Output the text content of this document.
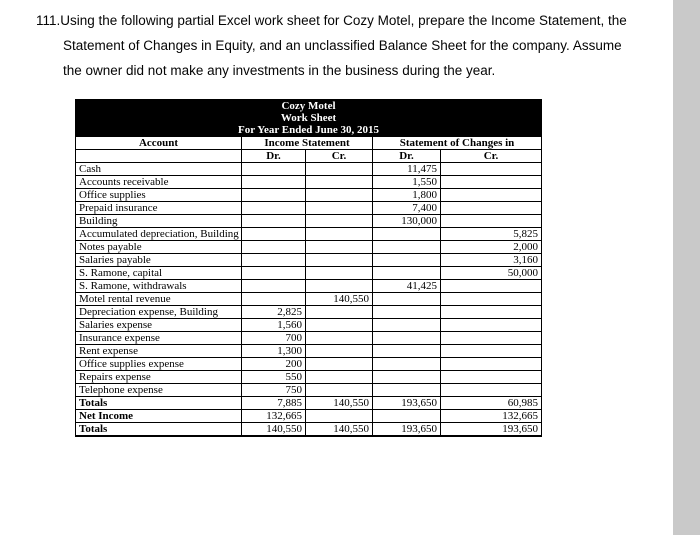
111.Using the following partial Excel work sheet for Cozy Motel, prepare the Income Statement, the
Statement of Changes in Equity, and an unclassified Balance Sheet for the company. Assume
the owner did not make any investments in the business during the year.
Cozy Motel
Work Sheet
For Year Ended June 30, 2015				

Account	Income Statement		Statement of Changes in	
	Dr.	Cr.	Dr.	Cr.
Cash			11,475	
Accounts receivable			1,550	
Office supplies			1,800	
Prepaid insurance			7,400	
Building			130,000	
Accumulated depreciation, Building				5,825
Notes payable				2,000
Salaries payable				3,160
S. Ramone, capital				50,000
S. Ramone, withdrawals			41,425	
Motel rental revenue		140,550		
Depreciation expense, Building	2,825			
Salaries expense	1,560			
Insurance expense	700			
Rent expense	1,300			
Office supplies expense	200			
Repairs expense	550			
Telephone expense	750			
Totals	7,885	140,550	193,650	60,985
Net Income	132,665			132,665
Totals	140,550	140,550	193,650	193,650
